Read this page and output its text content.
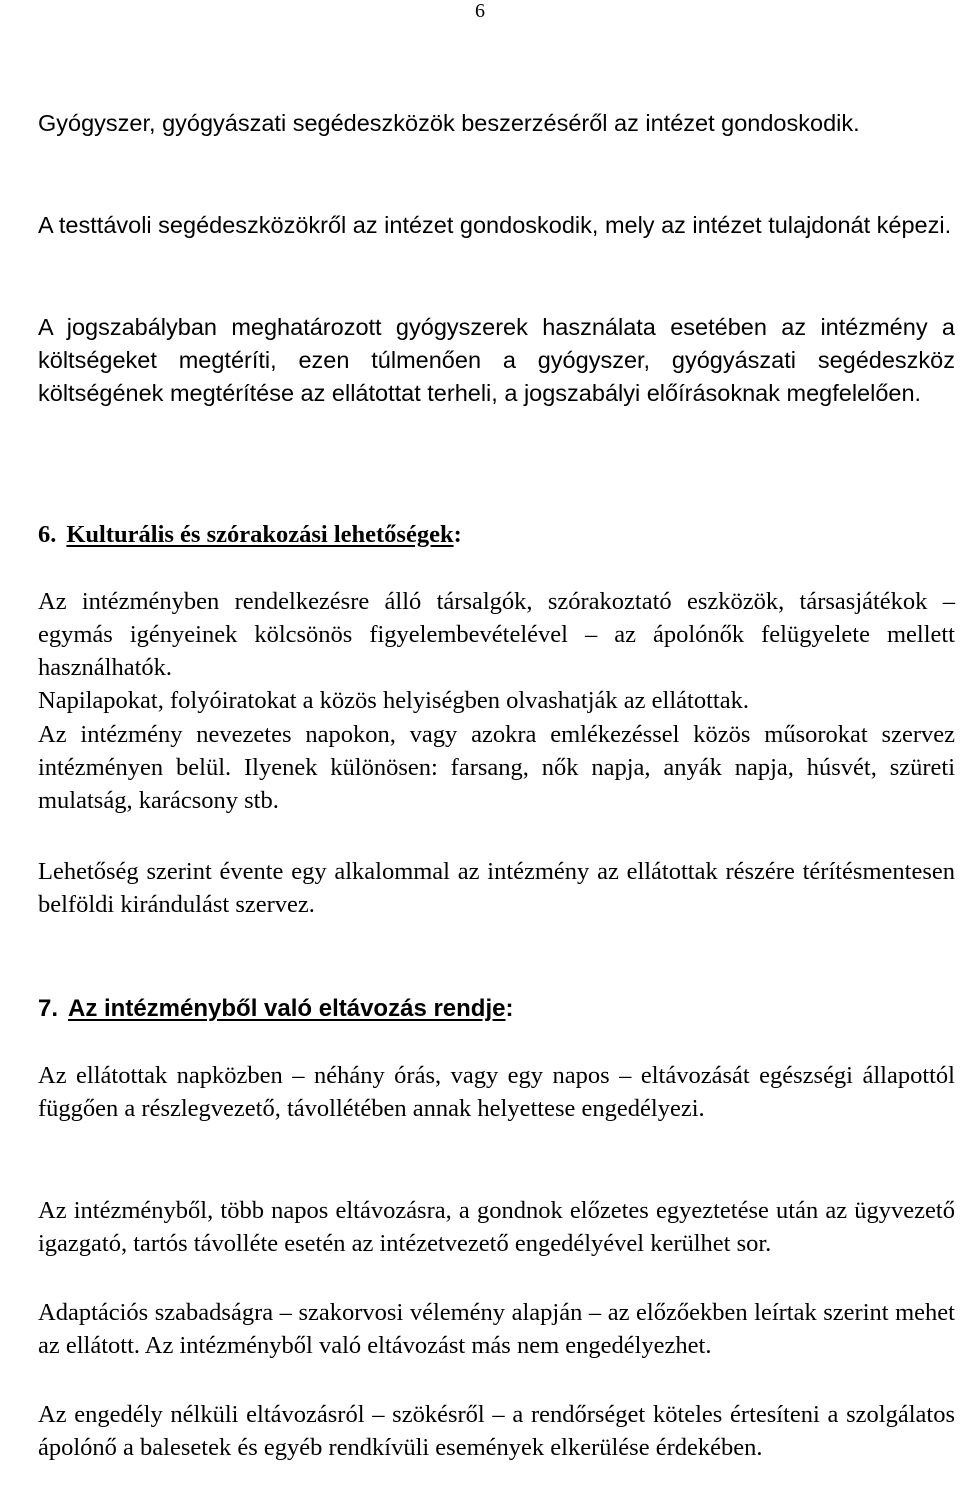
6

Gyógyszer, gyógyászati segédeszközök beszerzéséről az intézet gondoskodik.

A testtávoli segédeszközökről az intézet gondoskodik, mely az intézet tulajdonát képezi.

A jogszabályban meghatározott gyógyszerek használata esetében az intézmény a költségeket megtéríti, ezen túlmenően a gyógyszer, gyógyászati segédeszköz költségének megtérítése az ellátottat terheli, a jogszabályi előírásoknak megfelelően.

6. Kulturális és szórakozási lehetőségek:

Az intézményben rendelkezésre álló társalgók, szórakoztató eszközök, társasjátékok – egymás igényeinek kölcsönös figyelembevételével – az ápolónők felügyelete mellett használhatók.

Napilapokat, folyóiratokat a közös helyiségben olvashatják az ellátottak.

Az intézmény nevezetes napokon, vagy azokra emlékezéssel közös műsorokat szervez intézményen belül. Ilyenek különösen: farsang, nők napja, anyák napja, húsvét, szüreti mulatság, karácsony stb.

Lehetőség szerint évente egy alkalommal az intézmény az ellátottak részére térítésmentesen belföldi kirándulást szervez.

7. Az intézményből való eltávozás rendje:

Az ellátottak napközben – néhány órás, vagy egy napos – eltávozását egészségi állapottól függően a részlegvezető, távollétében annak helyettese engedélyezi.

Az intézményből, több napos eltávozásra, a gondnok előzetes egyeztetése után az ügyvezető igazgató, tartós távolléte esetén az intézetvezető engedélyével kerülhet sor.

Adaptációs szabadságra – szakorvosi vélemény alapján – az előzőekben leírtak szerint mehet az ellátott. Az intézményből való eltávozást más nem engedélyezhet.

Az engedély nélküli eltávozásról – szökésről – a rendőrséget köteles értesíteni a szolgálatos ápolónő a balesetek és egyéb rendkívüli események elkerülése érdekében.
